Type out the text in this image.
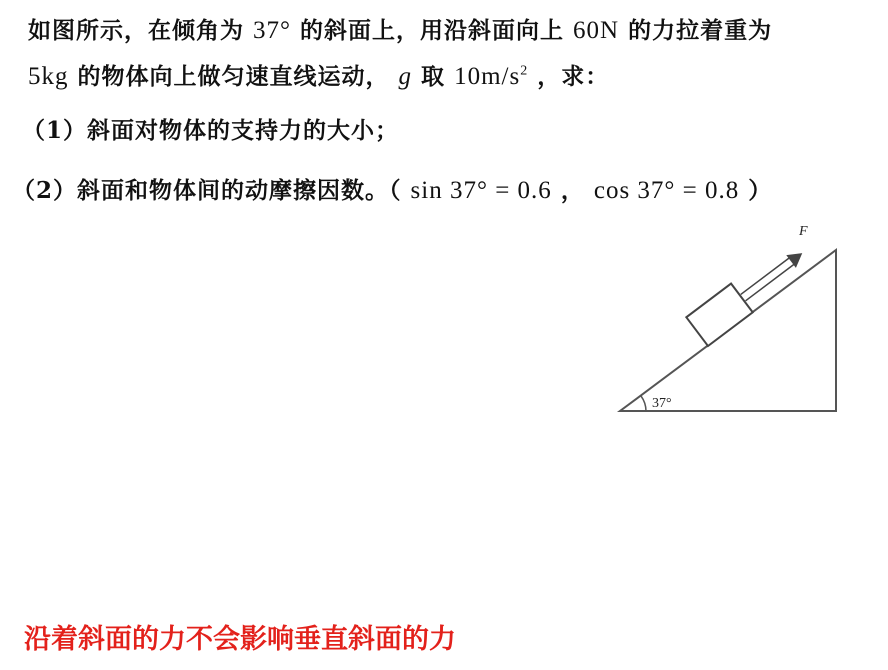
如图所示，在倾角为 37° 的斜面上，用沿斜面向上 60N 的力拉着重为
5kg 的物体向上做匀速直线运动， g 取 $10m/s^2$ ，求：
（1）斜面对物体的支持力的大小；
（2）斜面和物体间的动摩擦因数。（ sin 37° = 0.6 ， cos 37° = 0.8 ）
F
37°
沿着斜面的力不会影响垂直斜面的力
